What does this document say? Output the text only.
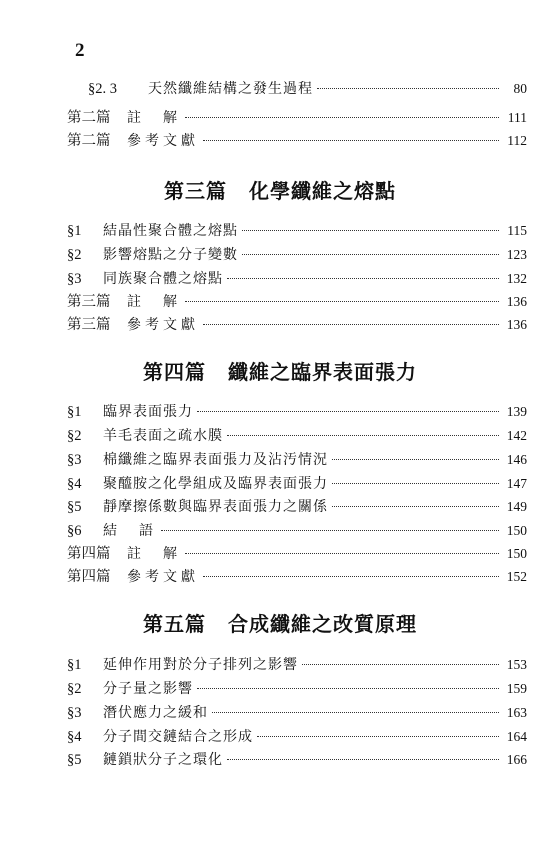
2
§2. 3	天然纖維結構之發生過程	80
第二篇	註　解	111
第二篇	參考文獻	112
第三篇 化學纖維之熔點
§1	結晶性聚合體之熔點	115
§2	影響熔點之分子變數	123
§3	同族聚合體之熔點	132
第三篇	註　解	136
第三篇	參考文獻	136
第四篇 纖維之臨界表面張力
§1	臨界表面張力	139
§2	羊毛表面之疏水膜	142
§3	棉纖維之臨界表面張力及沾汚情況	146
§4	聚醯胺之化學組成及臨界表面張力	147
§5	靜摩擦係數與臨界表面張力之關係	149
§6	結　語	150
第四篇	註　解	150
第四篇	參考文獻	152
第五篇 合成纖維之改質原理
§1	延伸作用對於分子排列之影響	153
§2	分子量之影響	159
§3	潛伏應力之緩和	163
§4	分子間交鏈結合之形成	164
§5	鏈鎖狀分子之環化	166
